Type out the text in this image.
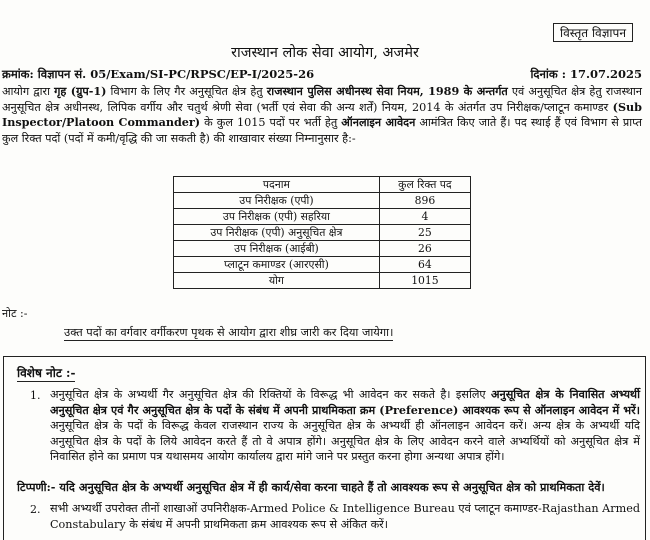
विस्तृत विज्ञापन
राजस्थान लोक सेवा आयोग, अजमेर
क्रमांक: विज्ञापन सं. 05/Exam/SI-PC/RPSC/EP-I/2025-26	दिनांक : 17.07.2025

आयोग द्वारा गृह (ग्रुप-1) विभाग के लिए गैर अनुसूचित क्षेत्र हेतु राजस्थान पुलिस अधीनस्थ सेवा नियम, 1989 के अन्तर्गत एवं अनुसूचित क्षेत्र हेतु राजस्थान अनुसूचित क्षेत्र अधीनस्थ, लिपिक वर्गीय और चतुर्थ श्रेणी सेवा (भर्ती एवं सेवा की अन्य शर्तें) नियम, 2014 के अंतर्गत उप निरीक्षक/प्लाटून कमाण्डर (Sub Inspector/Platoon Commander) के कुल 1015 पदों पर भर्ती हेतु ऑनलाइन आवेदन आमंत्रित किए जाते हैं। पद स्थाई हैं एवं विभाग से प्राप्त कुल रिक्त पदों (पदों में कमी/वृद्धि की जा सकती है) की शाखावार संख्या निम्नानुसार है:-

पदनाम	कुल रिक्त पद
उप निरीक्षक (एपी)	896
उप निरीक्षक (एपी) सहरिया	4
उप निरीक्षक (एपी) अनुसूचित क्षेत्र	25
उप निरीक्षक (आईबी)	26
प्लाटून कमाण्डर (आरएसी)	64
योग	1015
नोट :-
उक्त पदों का वर्गवार वर्गीकरण पृथक से आयोग द्वारा शीघ्र जारी कर दिया जायेगा।
विशेष नोट :-
1. अनुसूचित क्षेत्र के अभ्यर्थी गैर अनुसूचित क्षेत्र की रिक्तियों के विरूद्ध भी आवेदन कर सकते है। इसलिए अनुसूचित क्षेत्र के निवासित अभ्यर्थी अनुसूचित क्षेत्र एवं गैर अनुसूचित क्षेत्र के पदों के संबंध में अपनी प्राथमिकता क्रम (Preference) आवश्यक रूप से ऑनलाइन आवेदन में भरें। अनुसूचित क्षेत्र के पदों के विरूद्ध केवल राजस्थान राज्य के अनुसूचित क्षेत्र के अभ्यर्थी ही ऑनलाइन आवेदन करें। अन्य क्षेत्र के अभ्यर्थी यदि अनुसूचित क्षेत्र के पदों के लिये आवेदन करते हैं तो वे अपात्र होंगे। अनुसूचित क्षेत्र के लिए आवेदन करने वाले अभ्यर्थियों को अनुसूचित क्षेत्र में निवासित होने का प्रमाण पत्र यथासमय आयोग कार्यालय द्वारा मांगे जाने पर प्रस्तुत करना होगा अन्यथा अपात्र होंगे।

टिप्पणी:- यदि अनुसूचित क्षेत्र के अभ्यर्थी अनुसूचित क्षेत्र में ही कार्य/सेवा करना चाहते हैं तो आवश्यक रूप से अनुसूचित क्षेत्र को प्राथमिकता देवें।
2. सभी अभ्यर्थी उपरोक्त तीनों शाखाओं उपनिरीक्षक-Armed Police & Intelligence Bureau एवं प्लाटून कमाण्डर-Rajasthan Armed Constabulary के संबंध में अपनी प्राथमिकता क्रम आवश्यक रूप से अंकित करें।
